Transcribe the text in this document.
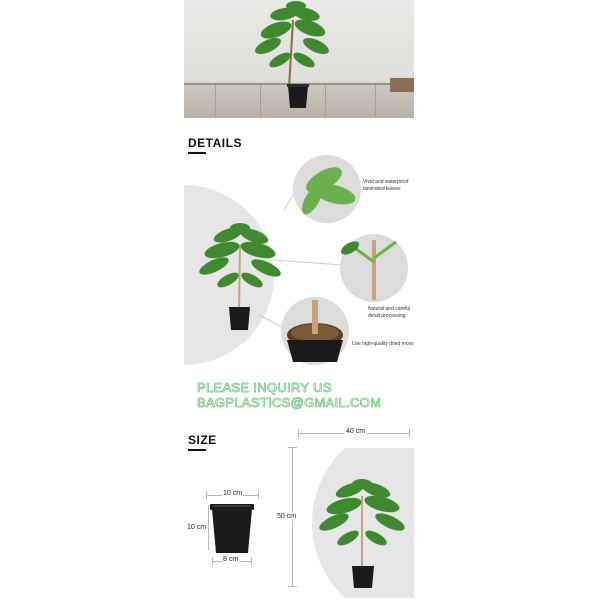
DETAILS
Vivid and waterproof laminated leaves
Natural and careful detail processing
Use high-quality dried moss
PLEASE INQUIRY US
BAGPLASTICS@GMAIL.COM
SIZE
40 cm
50 cm
10 cm
10 cm
8 cm
